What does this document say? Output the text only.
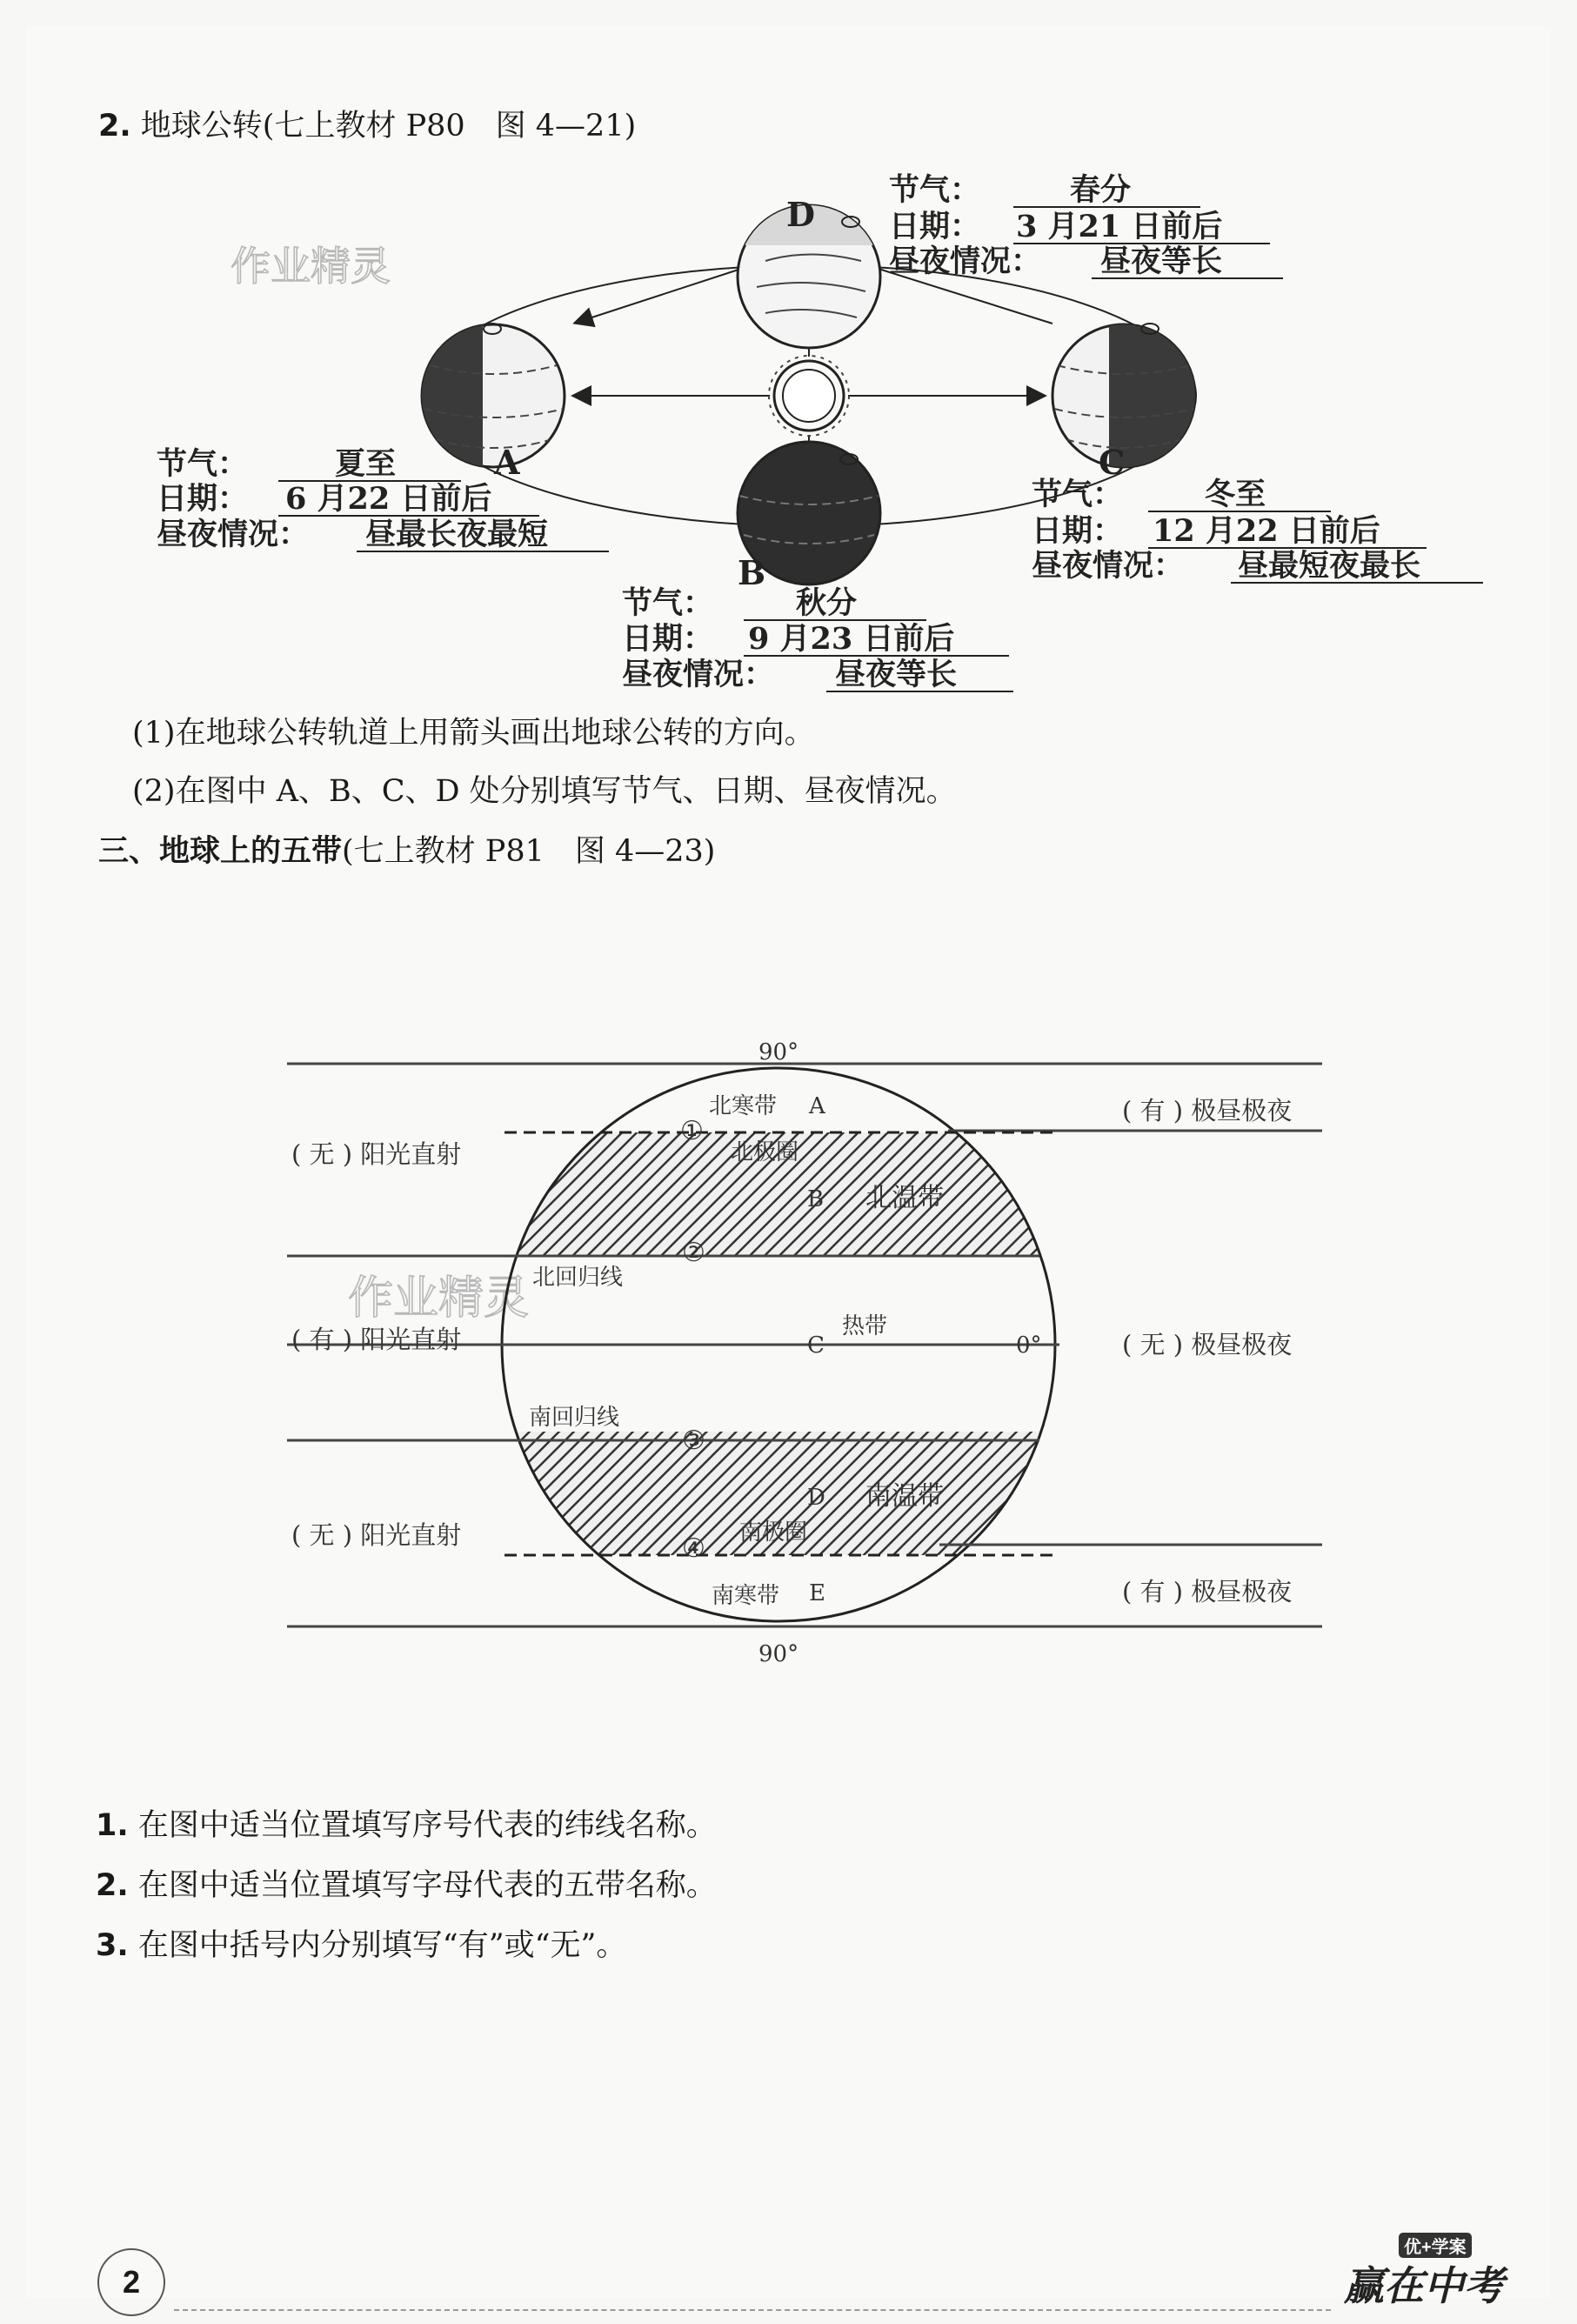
2. 地球公转(七上教材 P80　图 4—21)
作业精灵
D
A	C
B
节气：	春分
日期： 3 月21 日前后
昼夜情况： 昼夜等长
节气：	夏至
日期： 6 月22 日前后
昼夜情况： 昼最长夜最短
节气：	冬至
日期： 12 月22 日前后
昼夜情况： 昼最短夜最长
节气：	秋分
日期： 9 月23 日前后
昼夜情况： 昼夜等长
(1)在地球公转轨道上用箭头画出地球公转的方向。
(2)在图中 A、B、C、D 处分别填写节气、日期、昼夜情况。
三、地球上的五带(七上教材 P81　图 4—23)
作业精灵
90°
90°
0°
北寒带 A
北极圈
B 北温带
北回归线
热带
C
南回归线
D 南温带
南极圈
南寒带 E
①
②
③
④
( 无 ) 阳光直射
( 有 ) 阳光直射
( 无 ) 阳光直射
( 有 ) 极昼极夜
( 无 ) 极昼极夜
( 有 ) 极昼极夜
1. 在图中适当位置填写序号代表的纬线名称。
2. 在图中适当位置填写字母代表的五带名称。
3. 在图中括号内分别填写“有”或“无”。
2
优+学案
赢在中考
